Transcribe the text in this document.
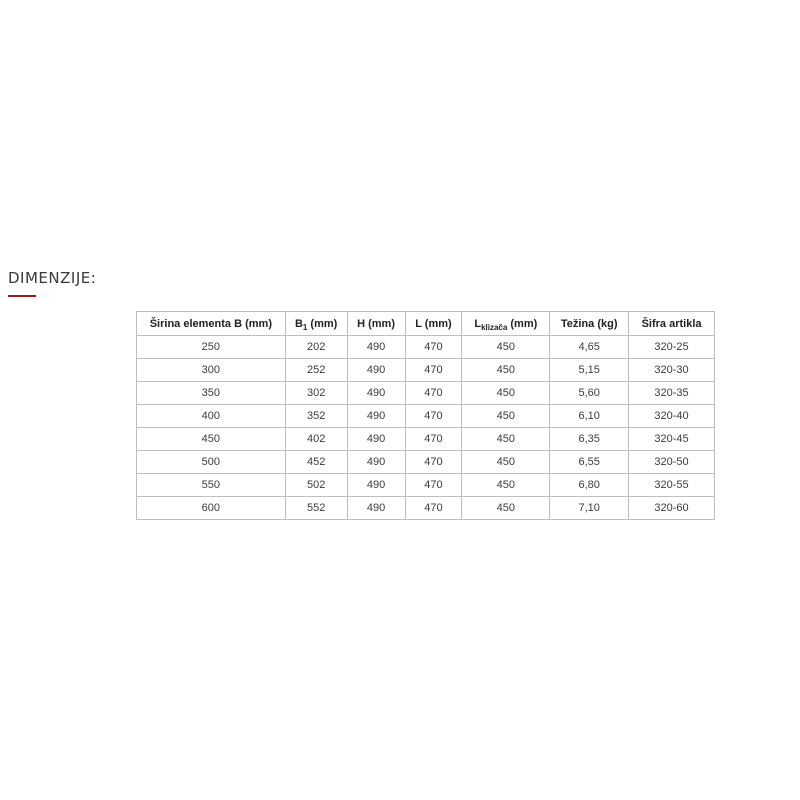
DIMENZIJE:
Širina elementa B (mm)	$B_1$ (mm)	H (mm)	L (mm)	$L_{klizača}$ (mm)	Težina (kg)	Šifra artikla
250	202	490	470	450	4,65	320-25
300	252	490	470	450	5,15	320-30
350	302	490	470	450	5,60	320-35
400	352	490	470	450	6,10	320-40
450	402	490	470	450	6,35	320-45
500	452	490	470	450	6,55	320-50
550	502	490	470	450	6,80	320-55
600	552	490	470	450	7,10	320-60
